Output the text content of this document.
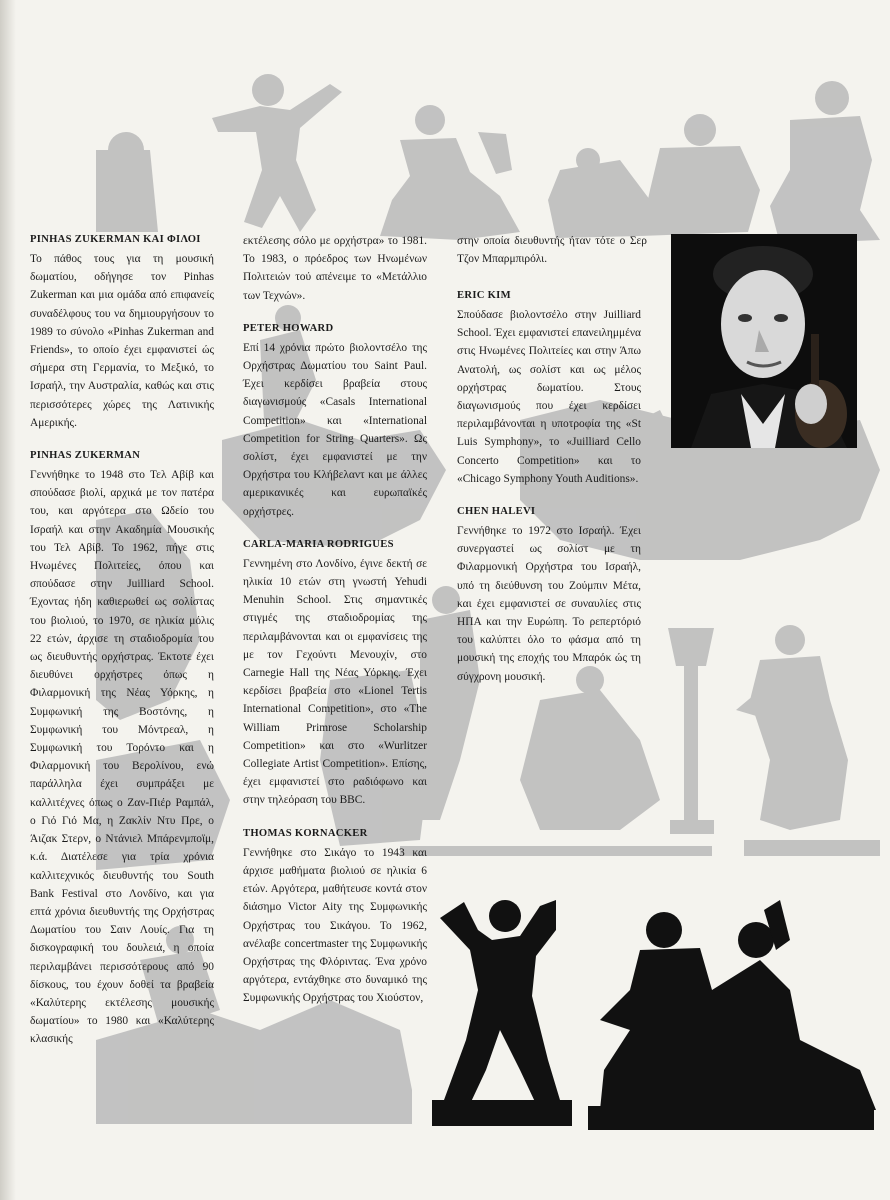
PINHAS ZUKERMAN ΚΑΙ ΦΙΛΟΙ

Το πάθος τους για τη μουσική δωματίου, οδήγησε τον Pinhas Zukerman και μια ομάδα από επιφανείς συναδέλφους του να δημιουργήσουν το 1989 το σύνολο «Pinhas Zukerman and Friends», το οποίο έχει εμφανιστεί ώς σήμερα στη Γερμανία, το Μεξικό, το Ισραήλ, την Αυστραλία, καθώς και στις περισσότερες χώρες της Λατινικής Αμερικής.

PINHAS ZUKERMAN

Γεννήθηκε το 1948 στο Τελ Αβίβ και σπούδασε βιολί, αρχικά με τον πατέρα του, και αργότερα στο Ωδείο του Ισραήλ και στην Ακαδημία Μουσικής του Τελ Αβίβ. Το 1962, πήγε στις Ηνωμένες Πολιτείες, όπου και σπούδασε στην Juilliard School. Έχοντας ήδη καθιερωθεί ως σολίστας του βιολιού, το 1970, σε ηλικία μόλις 22 ετών, άρχισε τη σταδιοδρομία του ως διευθυντής ορχήστρας. Έκτοτε έχει διευθύνει ορχήστρες όπως η Φιλαρμονική της Νέας Υόρκης, η Συμφωνική της Βοστόνης, η Συμφωνική του Μόντρεαλ, η Συμφωνική του Τορόντο και η Φιλαρμονική του Βερολίνου, ενώ παράλληλα έχει συμπράξει με καλλιτέχνες όπως ο Ζαν-Πιέρ Ραμπάλ, ο Γιό Γιό Μα, η Ζακλίν Ντυ Πρε, ο Άιζακ Στερν, ο Ντάνιελ Μπάρενμποϊμ, κ.ά. Διατέλεσε για τρία χρόνια καλλιτεχνικός διευθυντής του South Bank Festival στο Λονδίνο, και για επτά χρόνια διευθυντής της Ορχήστρας Δωματίου του Σαιν Λουίς. Για τη δισκογραφική του δουλειά, η οποία περιλαμβάνει περισσότερους από 90 δίσκους, του έχουν δοθεί τα βραβεία «Καλύτερης εκτέλεσης μουσικής δωματίου» το 1980 και «Καλύτερης κλασικής

εκτέλεσης σόλο με ορχήστρα» το 1981. Το 1983, ο πρόεδρος των Ηνωμένων Πολιτειών τού απένειμε το «Μετάλλιο των Τεχνών».

PETER HOWARD

Επί 14 χρόνια πρώτο βιολοντσέλο της Ορχήστρας Δωματίου του Saint Paul. Έχει κερδίσει βραβεία στους διαγωνισμούς «Casals International Competition» και «International Competition for String Quarters». Ως σολίστ, έχει εμφανιστεί με την Ορχήστρα του Κλήβελαντ και με άλλες αμερικανικές και ευρωπαϊκές ορχήστρες.

CARLA-MARIA RODRIGUES

Γεννημένη στο Λονδίνο, έγινε δεκτή σε ηλικία 10 ετών στη γνωστή Yehudi Menuhin School. Στις σημαντικές στιγμές της σταδιοδρομίας της περιλαμβάνονται και οι εμφανίσεις της με τον Γεχούντι Μενουχίν, στο Carnegie Hall της Νέας Υόρκης. Έχει κερδίσει βραβεία στο «Lionel Tertis International Competition», στο «The William Primrose Scholarship Competition» και στο «Wurlitzer Collegiate Artist Competition». Επίσης, έχει εμφανιστεί στο ραδιόφωνο και στην τηλεόραση του BBC.

THOMAS KORNACKER

Γεννήθηκε στο Σικάγο το 1943 και άρχισε μαθήματα βιολιού σε ηλικία 6 ετών. Αργότερα, μαθήτευσε κοντά στον διάσημο Victor Aity της Συμφωνικής Ορχήστρας του Σικάγου. Το 1962, ανέλαβε concertmaster της Συμφωνικής Ορχήστρας της Φλόριντας. Ένα χρόνο αργότερα, εντάχθηκε στο δυναμικό της Συμφωνικής Ορχήστρας του Χιούστον,

στην οποία διευθυντής ήταν τότε ο Σερ Τζον Μπαρμπιρόλι.

ERIC KIM

Σπούδασε βιολοντσέλο στην Juilliard School. Έχει εμφανιστεί επανειλημμένα στις Ηνωμένες Πολιτείες και στην Άπω Ανατολή, ως σολίστ και ως μέλος ορχήστρας δωματίου. Στους διαγωνισμούς που έχει κερδίσει περιλαμβάνονται η υποτροφία της «St Luis Symphony», το «Juilliard Cello Concerto Competition» και το «Chicago Symphony Youth Auditions».

CHEN HALEVI

Γεννήθηκε το 1972 στο Ισραήλ. Έχει συνεργαστεί ως σολίστ με τη Φιλαρμονική Ορχήστρα του Ισραήλ, υπό τη διεύθυνση του Ζούμπιν Μέτα, και έχει εμφανιστεί σε συναυλίες στις ΗΠΑ και την Ευρώπη. Το ρεπερτόριό του καλύπτει όλο το φάσμα από τη μουσική της εποχής του Μπαρόκ ώς τη σύγχρονη μουσική.
